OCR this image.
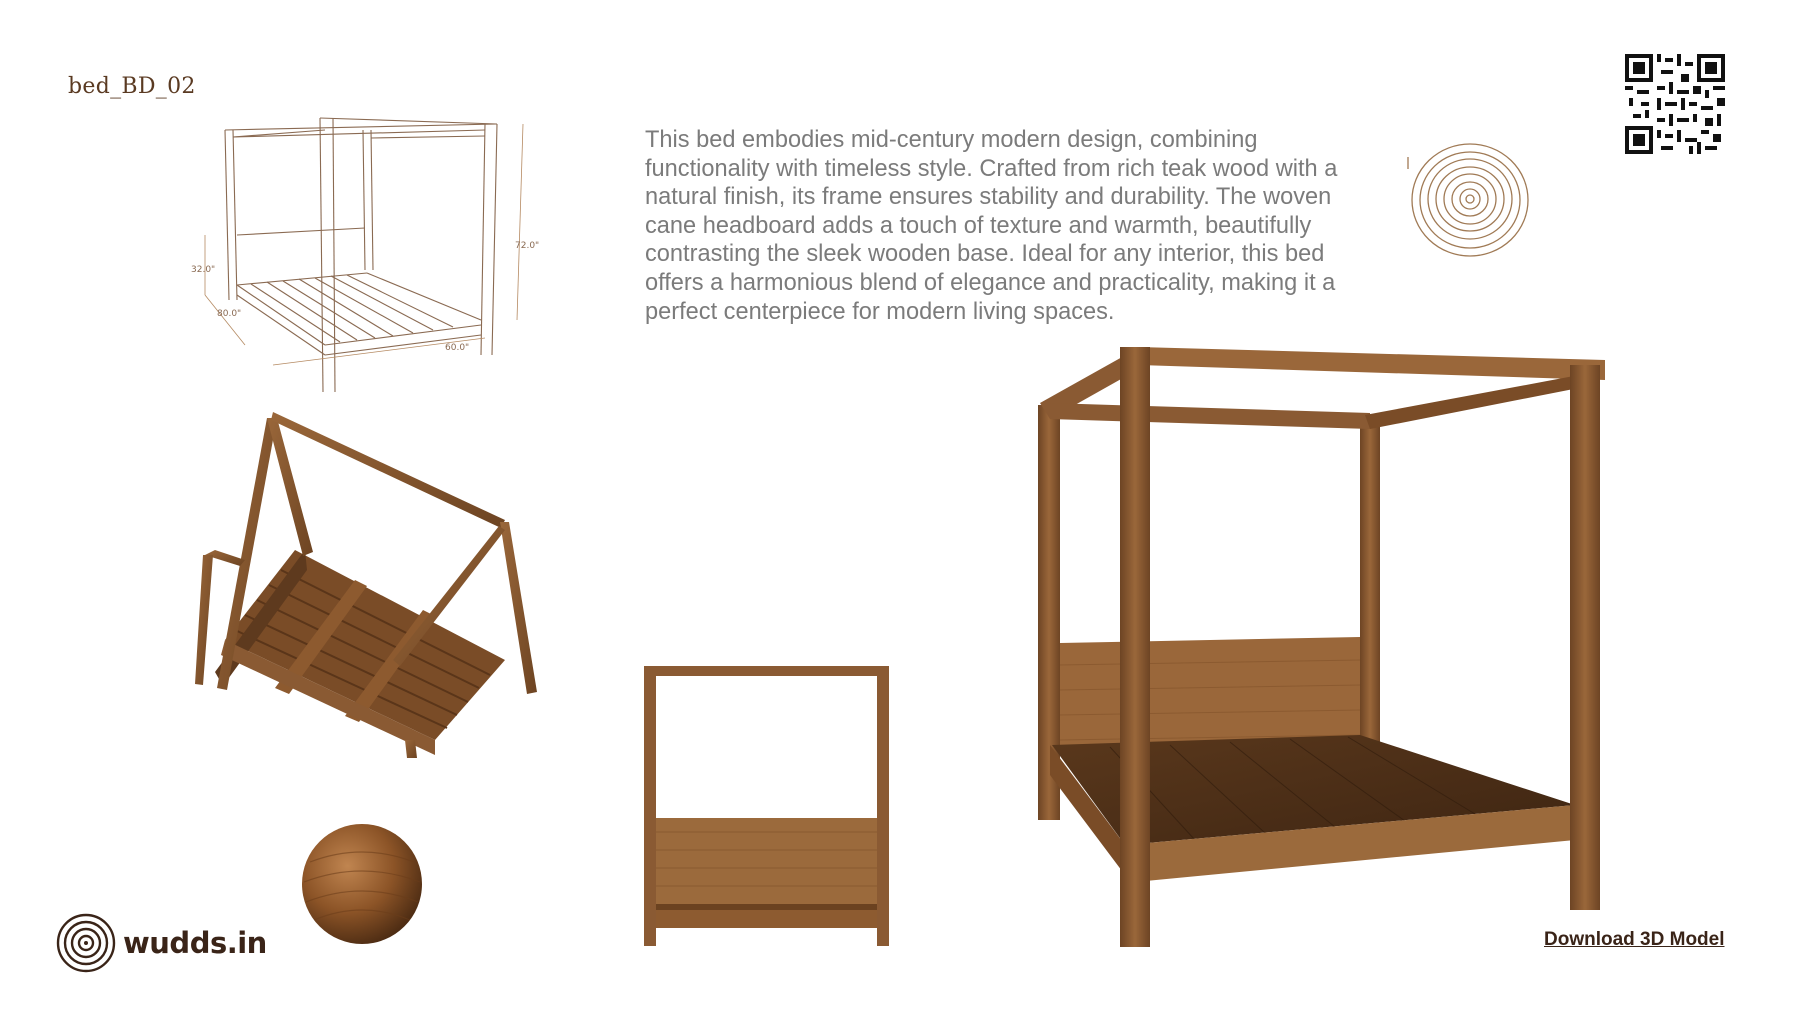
bed_BD_02
32.0"
80.0"
60.0"
72.0"
This bed embodies mid-century modern design, combining functionality with timeless style. Crafted from rich teak wood with a natural finish, its frame ensures stability and durability. The woven cane headboard adds a touch of texture and warmth, beautifully contrasting the sleek wooden base. Ideal for any interior, this bed offers a harmonious blend of elegance and practicality, making it a perfect centerpiece for modern living spaces.
wudds.in	Download 3D Model
